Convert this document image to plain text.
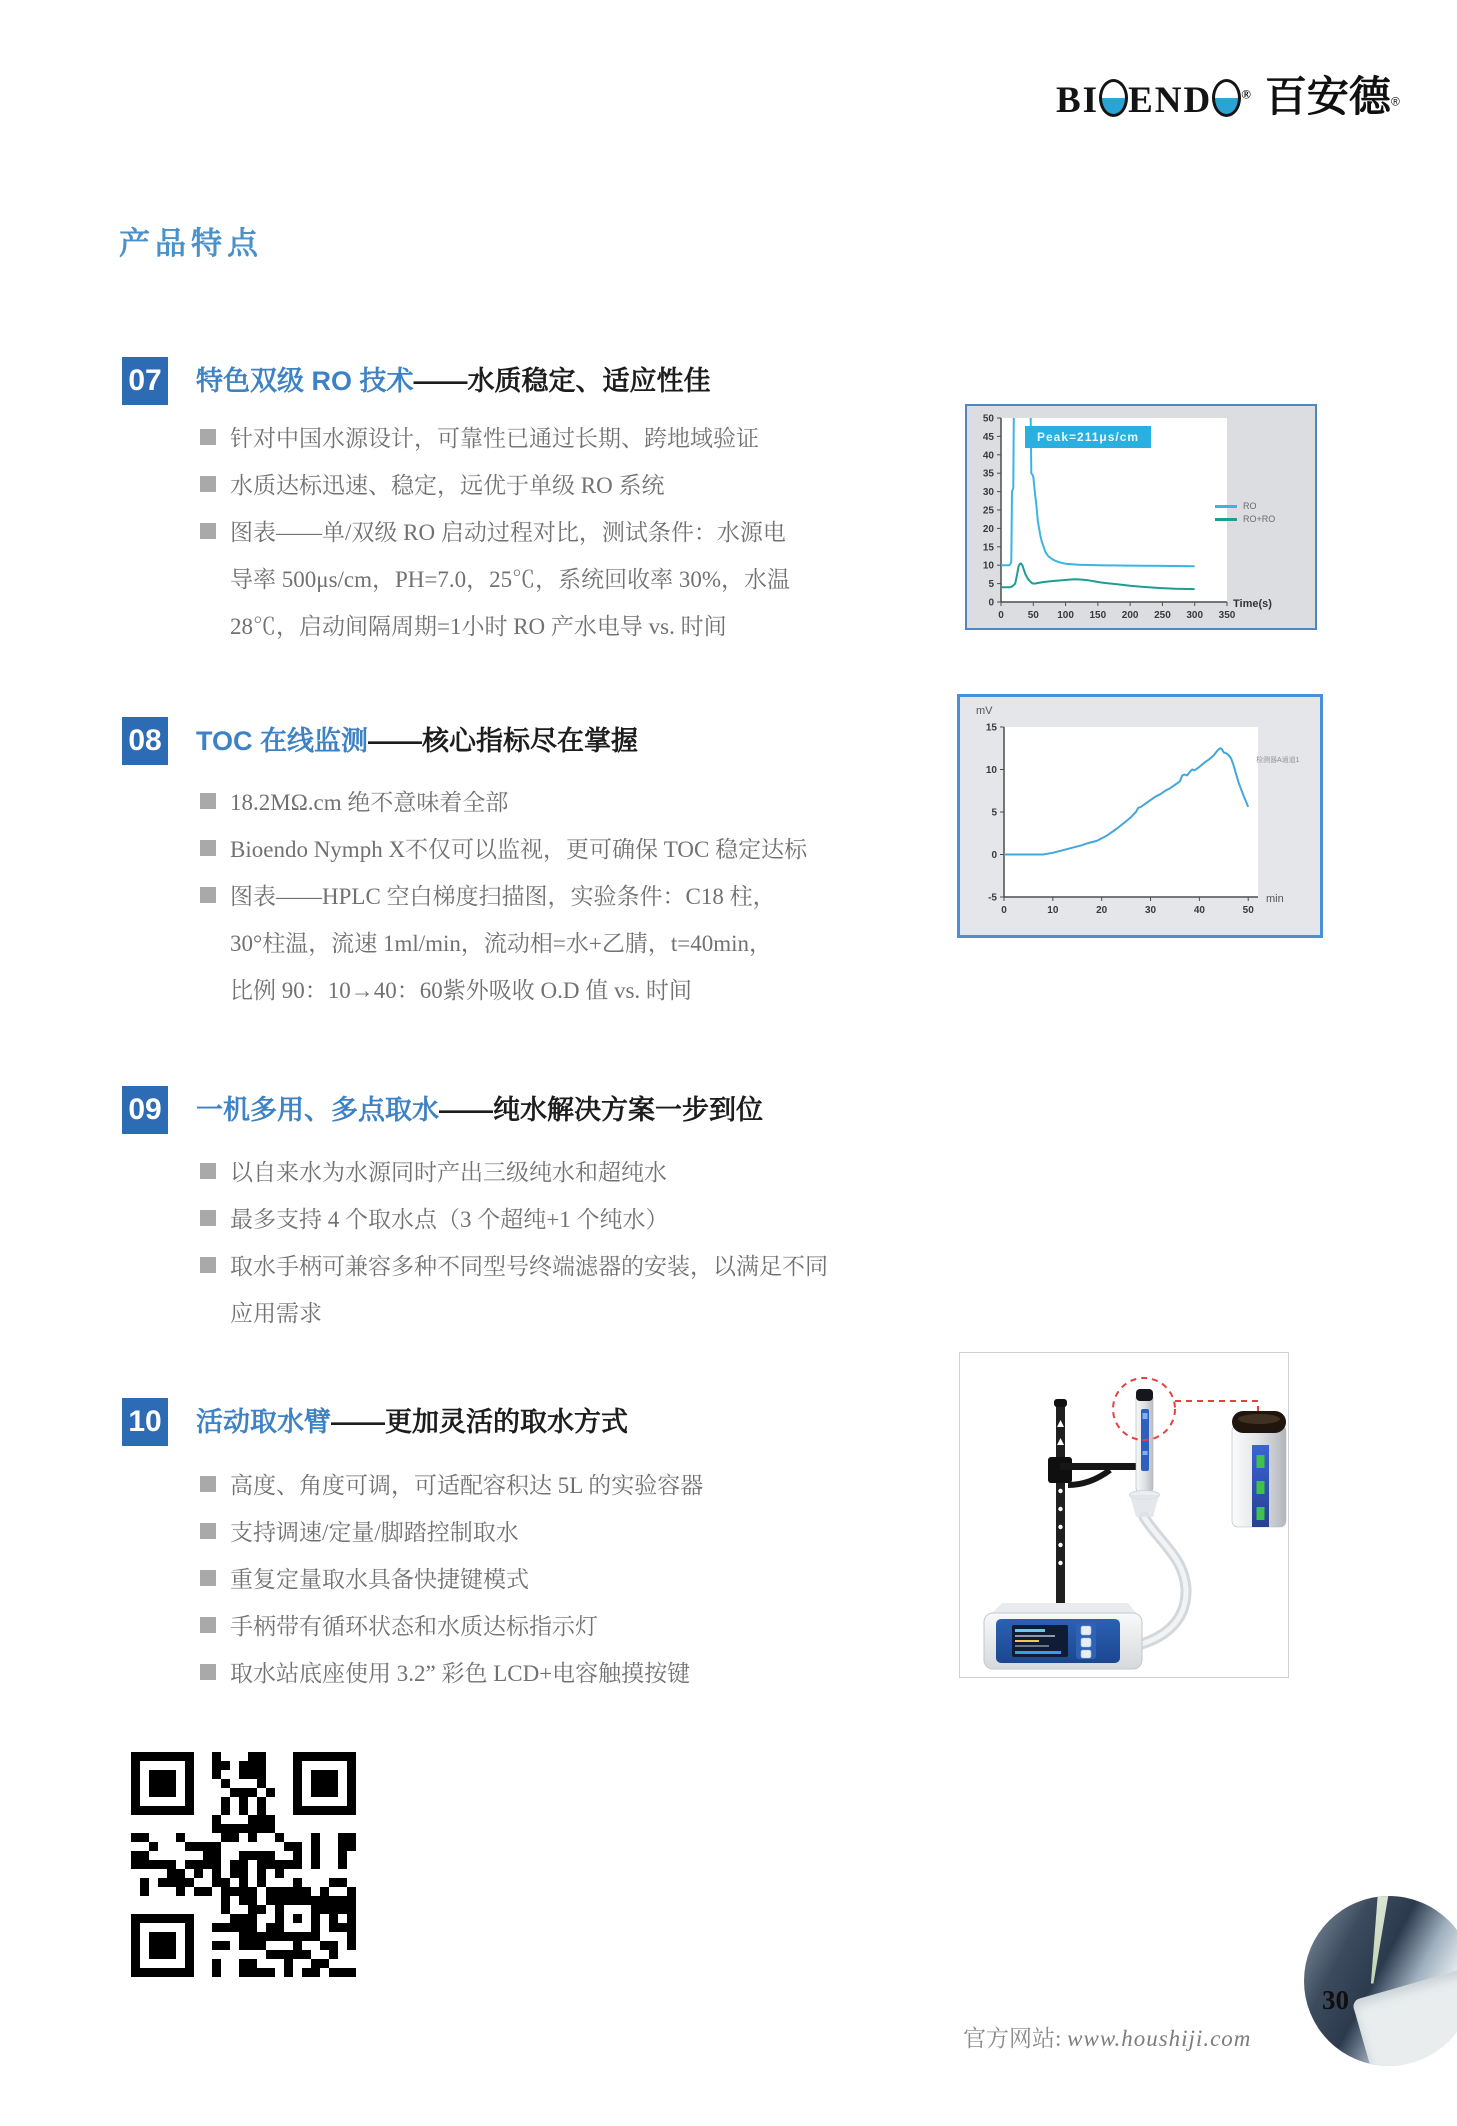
BI END ® 百安德®
产品特点
07 特色双级 RO 技术——水质稳定、适应性佳
针对中国水源设计，可靠性已通过长期、跨地域验证
水质达标迅速、稳定，远优于单级 RO 系统
图表——单/双级 RO 启动过程对比，测试条件：水源电
导率 500μs/cm，PH=7.0，25℃，系统回收率 30%，水温
28℃，启动间隔周期=1小时 RO 产水电导 vs. 时间
0
5
10
15
20
25
30
35
40
45
50
0 50 100 150 200 250 300 350
Peak=211μs/cm
RO
RO+RO
Time(s)
08 TOC 在线监测——核心指标尽在掌握
18.2MΩ.cm 绝不意味着全部
Bioendo Nymph X不仅可以监视，更可确保 TOC 稳定达标
图表——HPLC 空白梯度扫描图，实验条件：C18 柱，
30°柱温，流速 1ml/min，流动相=水+乙腈，t=40min，
比例 90：10→40：60紫外吸收 O.D 值 vs. 时间
-5
0
5
10
15
0	10	20	30	40	50
mV
min
检测器A通道1
09 一机多用、多点取水——纯水解决方案一步到位
以自来水为水源同时产出三级纯水和超纯水
最多支持 4 个取水点（3 个超纯+1 个纯水）
取水手柄可兼容多种不同型号终端滤器的安装，以满足不同
应用需求
10 活动取水臂——更加灵活的取水方式
高度、角度可调，可适配容积达 5L 的实验容器
支持调速/定量/脚踏控制取水
重复定量取水具备快捷键模式
手柄带有循环状态和水质达标指示灯
取水站底座使用 3.2” 彩色 LCD+电容触摸按键
30
官方网站: www.houshiji.com
